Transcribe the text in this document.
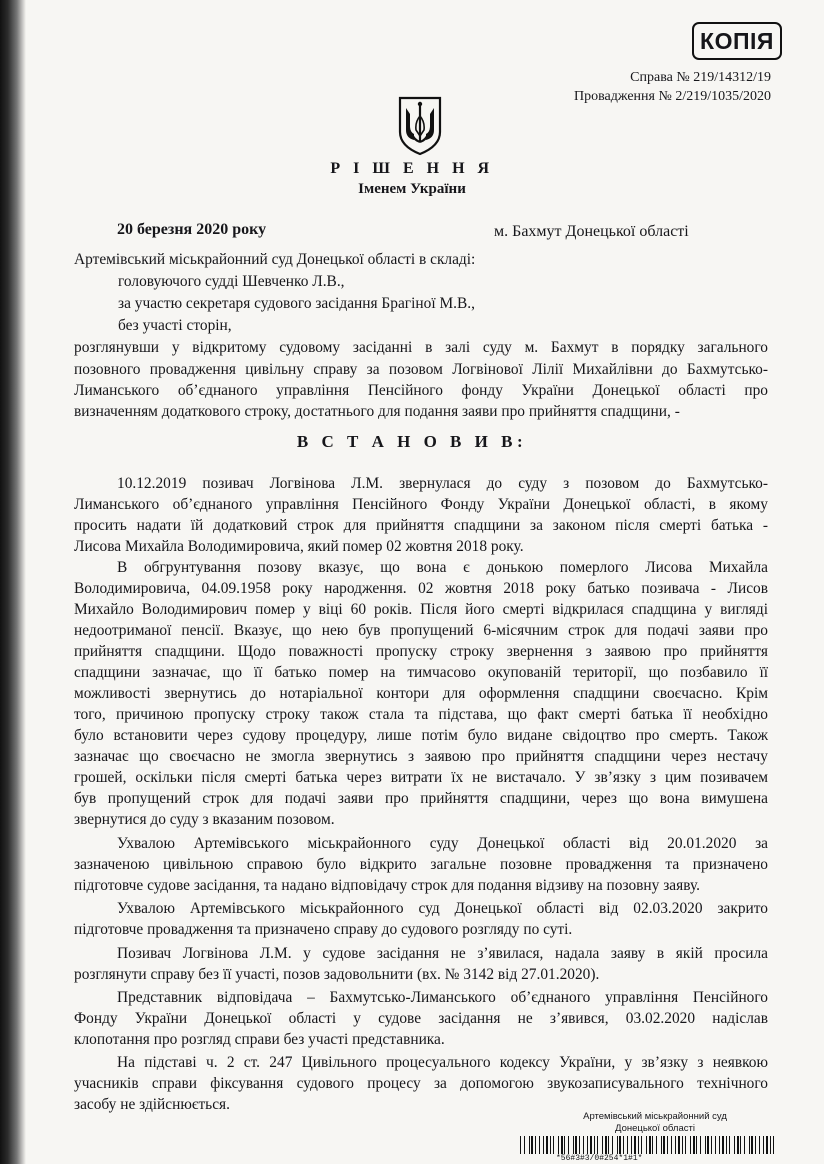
КОПІЯ
Справа № 219/14312/19
Провадження № 2/219/1035/2020
Р І Ш Е Н Н Я
Іменем України
20 березня 2020 року	м. Бахмут Донецької області
Артемівський міськрайонний суд Донецької області в складі:
головуючого судді Шевченко Л.В.,
за участю секретаря судового засідання Брагіної М.В.,
без участі сторін,
розглянувши у відкритому судовому засіданні в залі суду м. Бахмут в порядку загального
позовного провадження цивільну справу за позовом Логвінової Лілії Михайлівни до Бахмутсько-
Лиманського об’єднаного управління Пенсійного фонду України Донецької області про
визначенням додаткового строку, достатнього для подання заяви про прийняття спадщини, -
В С Т А Н О В И В:
10.12.2019 позивач Логвінова Л.М. звернулася до суду з позовом до Бахмутсько-
Лиманського об’єднаного управління Пенсійного Фонду України Донецької області, в якому
просить надати їй додатковий строк для прийняття спадщини за законом після смерті батька -
Лисова Михайла Володимировича, який помер 02 жовтня 2018 року.
В обгрунтування позову вказує, що вона є донькою померлого Лисова Михайла
Володимировича, 04.09.1958 року народження. 02 жовтня 2018 року батько позивача - Лисов
Михайло Володимирович помер у віці 60 років. Після його смерті відкрилася спадщина у вигляді
недоотриманої пенсії. Вказує, що нею був пропущений 6-місячним строк для подачі заяви про
прийняття спадщини. Щодо поважності пропуску строку звернення з заявою про прийняття
спадщини зазначає, що її батько помер на тимчасово окупованій території, що позбавило її
можливості звернутись до нотаріальної контори для оформлення спадщини своєчасно. Крім
того, причиною пропуску строку також стала та підстава, що факт смерті батька її необхідно
було встановити через судову процедуру, лише потім було видане свідоцтво про смерть. Також
зазначає що своєчасно не змогла звернутись з заявою про прийняття спадщини через нестачу
грошей, оскільки після смерті батька через витрати їх не вистачало. У зв’язку з цим позивачем
був пропущений строк для подачі заяви про прийняття спадщини, через що вона вимушена
звернутися до суду з вказаним позовом.
Ухвалою Артемівського міськрайонного суду Донецької області від 20.01.2020 за
зазначеною цивільною справою було відкрито загальне позовне провадження та призначено
підготовче судове засідання, та надано відповідачу строк для подання відзиву на позовну заяву.
Ухвалою Артемівського міськрайонного суд Донецької області від 02.03.2020 закрито
підготовче провадження та призначено справу до судового розгляду по суті.
Позивач Логвінова Л.М. у судове засідання не з’явилася, надала заяву в якій просила
розглянути справу без її участі, позов задовольнити (вх. № 3142 від 27.01.2020).
Представник відповідача – Бахмутсько-Лиманського об’єднаного управління Пенсійного
Фонду України Донецької області у судове засідання не з’явився, 03.02.2020 надіслав
клопотання про розгляд справи без участі представника.
На підставі ч. 2 ст. 247 Цивільного процесуального кодексу України, у зв’язку з неявкою
учасників справи фіксування судового процесу за допомогою звукозаписувального технічного
засобу не здійснюється.
Артемівський міськрайонний суд
Донецької області
*56#3#3/0#254*1#1*
